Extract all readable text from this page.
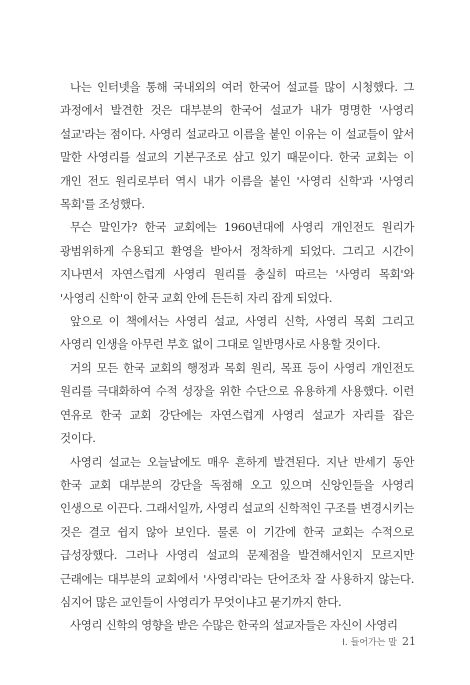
나는 인터넷을 통해 국내외의 여러 한국어 설교를 많이 시청했다. 그 과정에서 발견한 것은 대부분의 한국어 설교가 내가 명명한 '사영리 설교'라는 점이다. 사영리 설교라고 이름을 붙인 이유는 이 설교들이 앞서 말한 사영리를 설교의 기본구조로 삼고 있기 때문이다. 한국 교회는 이 개인 전도 원리로부터 역시 내가 이름을 붙인 '사영리 신학'과 '사영리 목회'를 조성했다.

무슨 말인가? 한국 교회에는 1960년대에 사영리 개인전도 원리가 광범위하게 수용되고 환영을 받아서 정착하게 되었다. 그리고 시간이 지나면서 자연스럽게 사영리 원리를 충실히 따르는 '사영리 목회'와 '사영리 신학'이 한국 교회 안에 든든히 자리 잡게 되었다.

앞으로 이 책에서는 사영리 설교, 사영리 신학, 사영리 목회 그리고 사영리 인생을 아무런 부호 없이 그대로 일반명사로 사용할 것이다.

거의 모든 한국 교회의 행정과 목회 원리, 목표 등이 사영리 개인전도 원리를 극대화하여 수적 성장을 위한 수단으로 유용하게 사용했다. 이런 연유로 한국 교회 강단에는 자연스럽게 사영리 설교가 자리를 잡은 것이다.

사영리 설교는 오늘날에도 매우 흔하게 발견된다. 지난 반세기 동안 한국 교회 대부분의 강단을 독점해 오고 있으며 신앙인들을 사영리 인생으로 이끈다. 그래서일까, 사영리 설교의 신학적인 구조를 변경시키는 것은 결코 쉽지 않아 보인다. 물론 이 기간에 한국 교회는 수적으로 급성장했다. 그러나 사영리 설교의 문제점을 발견해서인지 모르지만 근래에는 대부분의 교회에서 '사영리'라는 단어조차 잘 사용하지 않는다. 심지어 많은 교인들이 사영리가 무엇이냐고 묻기까지 한다.

사영리 신학의 영향을 받은 수많은 한국의 설교자들은 자신이 사영리

I. 들어가는 말 21
